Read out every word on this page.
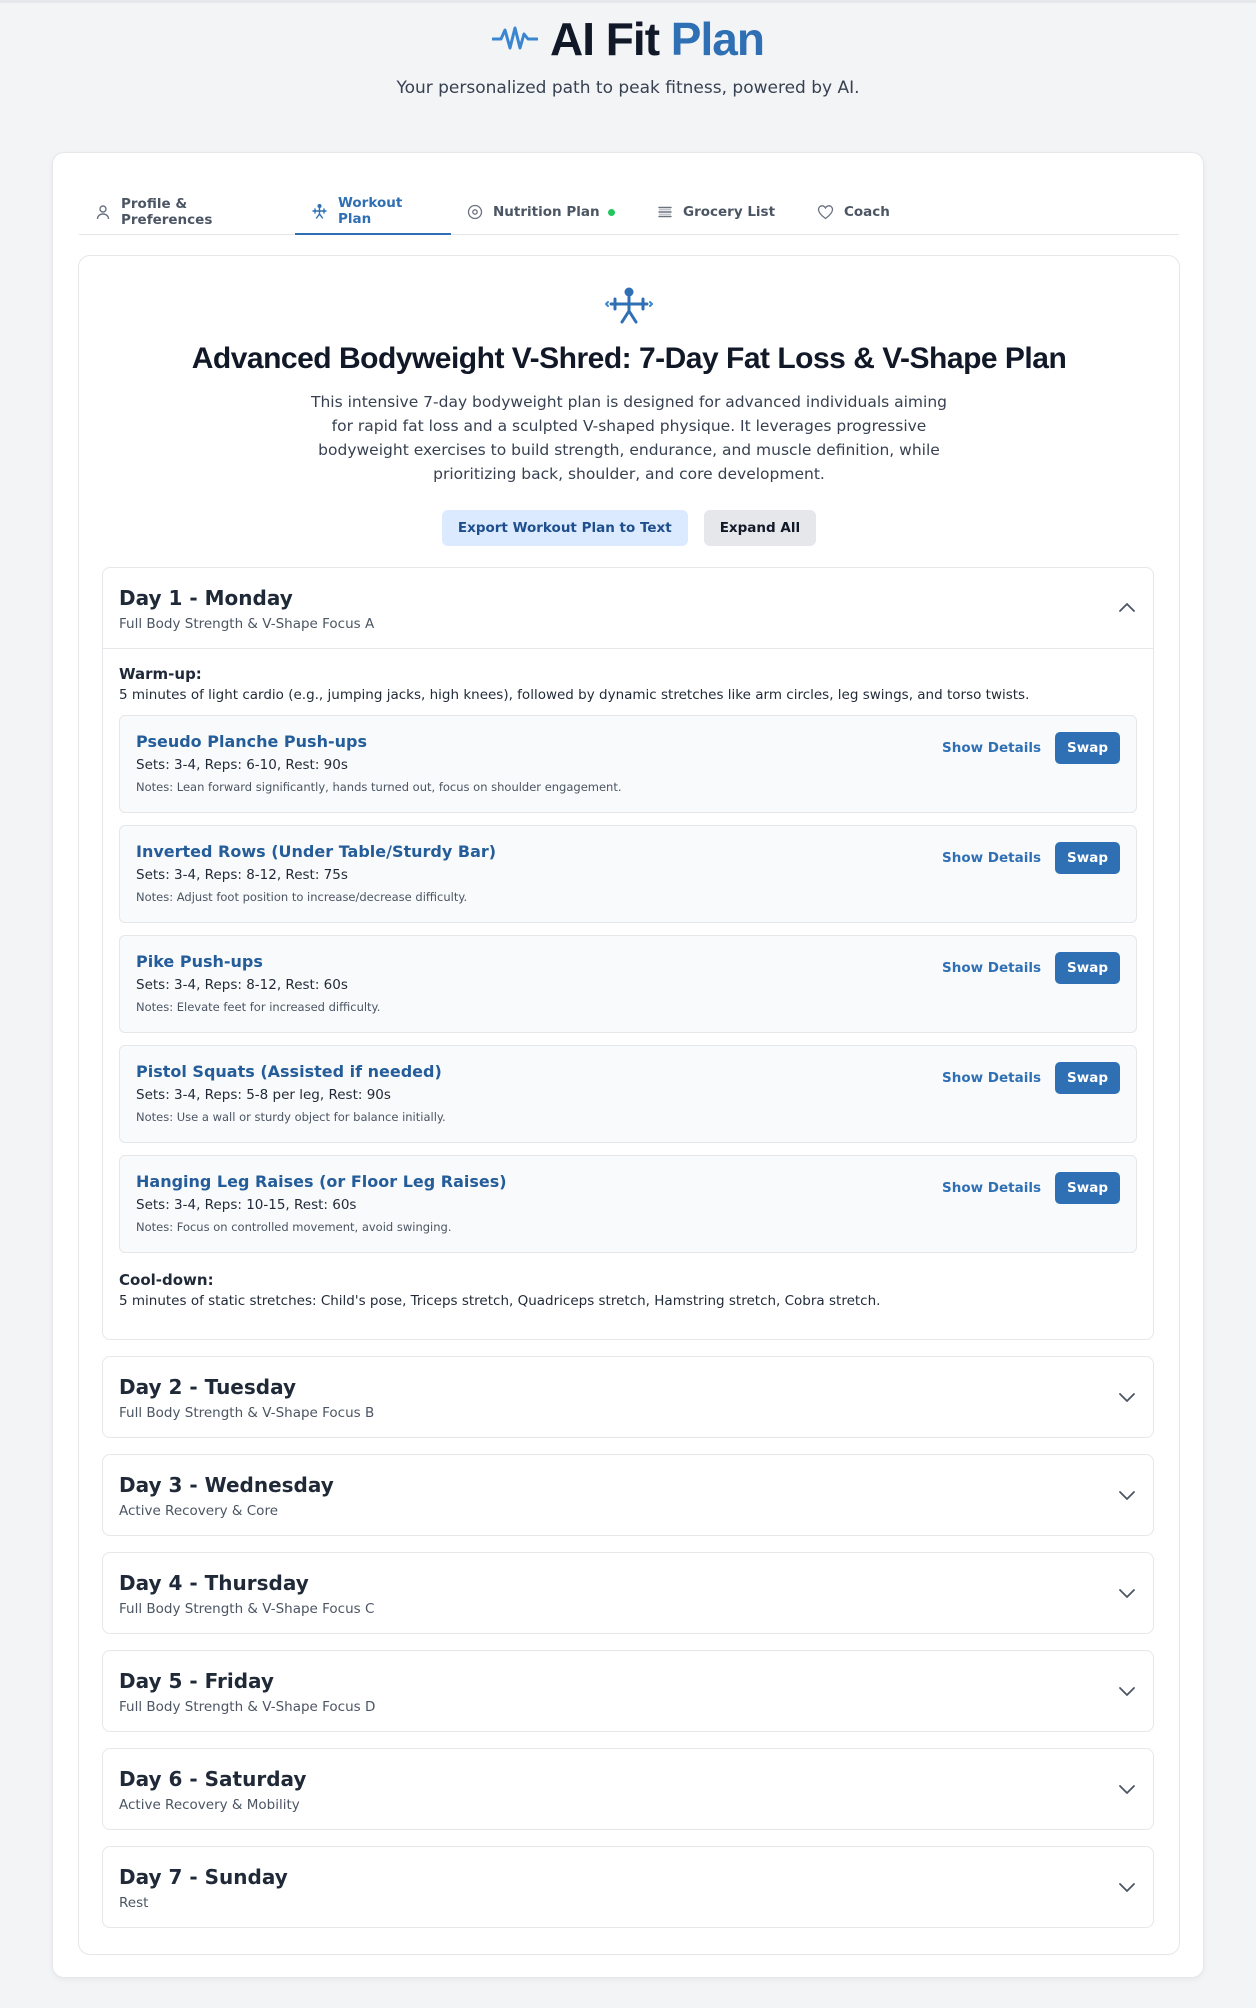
AI Fit Plan
Your personalized path to peak fitness, powered by AI.
Profile & Preferences
Workout Plan	Nutrition Plan	Grocery List	Coach
Advanced Bodyweight V-Shred: 7-Day Fat Loss & V-Shape Plan
This intensive 7-day bodyweight plan is designed for advanced individuals aiming for rapid fat loss and a sculpted V-shaped physique. It leverages progressive bodyweight exercises to build strength, endurance, and muscle definition, while prioritizing back, shoulder, and core development.
Export Workout Plan to Text	Expand All
Day 1 - Monday
Full Body Strength & V-Shape Focus A
Warm-up:
5 minutes of light cardio (e.g., jumping jacks, high knees), followed by dynamic stretches like arm circles, leg swings, and torso twists.
Pseudo Planche Push-ups
Sets: 3-4, Reps: 6-10, Rest: 90s
Notes: Lean forward significantly, hands turned out, focus on shoulder engagement.
Show Details	Swap
Inverted Rows (Under Table/Sturdy Bar)
Sets: 3-4, Reps: 8-12, Rest: 75s
Notes: Adjust foot position to increase/decrease difficulty.
Show Details	Swap
Pike Push-ups
Sets: 3-4, Reps: 8-12, Rest: 60s
Notes: Elevate feet for increased difficulty.
Show Details	Swap
Pistol Squats (Assisted if needed)
Sets: 3-4, Reps: 5-8 per leg, Rest: 90s
Notes: Use a wall or sturdy object for balance initially.
Show Details	Swap
Hanging Leg Raises (or Floor Leg Raises)
Sets: 3-4, Reps: 10-15, Rest: 60s
Notes: Focus on controlled movement, avoid swinging.
Show Details	Swap
Cool-down:
5 minutes of static stretches: Child's pose, Triceps stretch, Quadriceps stretch, Hamstring stretch, Cobra stretch.
Day 2 - Tuesday
Full Body Strength & V-Shape Focus B
Day 3 - Wednesday
Active Recovery & Core
Day 4 - Thursday
Full Body Strength & V-Shape Focus C
Day 5 - Friday
Full Body Strength & V-Shape Focus D
Day 6 - Saturday
Active Recovery & Mobility
Day 7 - Sunday
Rest
